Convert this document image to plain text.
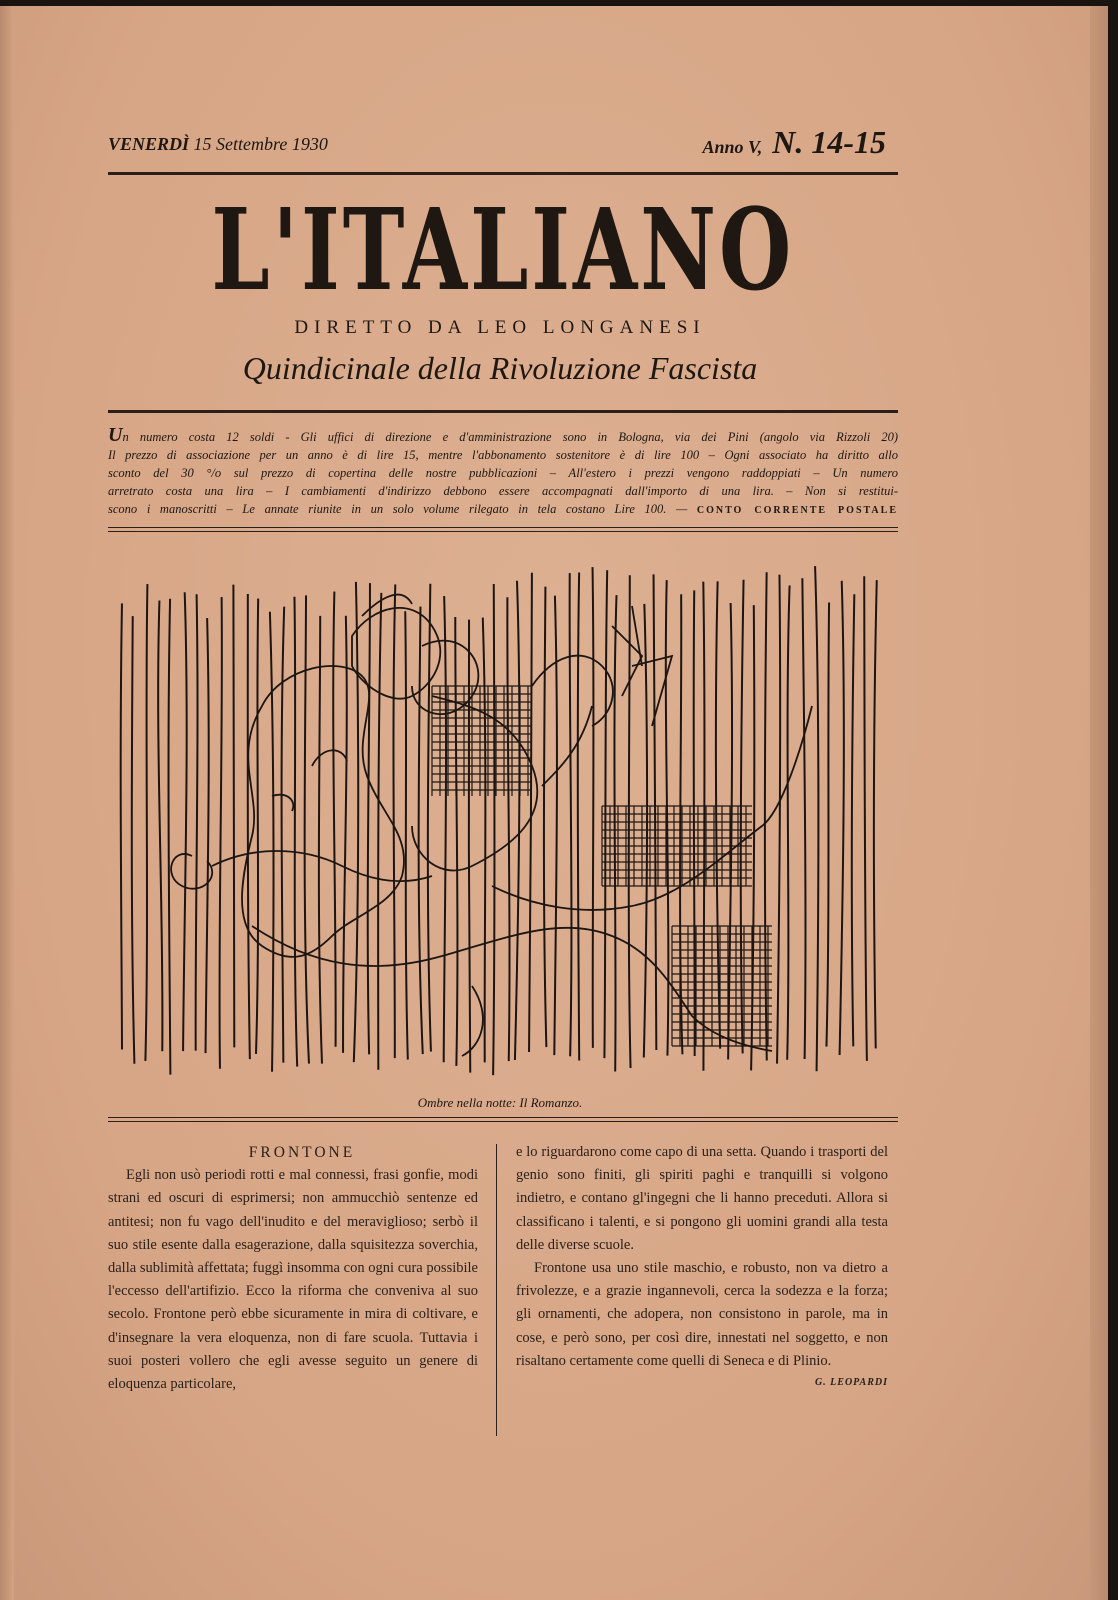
VENERDÌ 15 Settembre 1930	Anno V, N. 14-15
L'ITALIANO
DIRETTO DA LEO LONGANESI
Quindicinale della Rivoluzione Fascista
Un numero costa 12 soldi - Gli uffici di direzione e d'amministrazione sono in Bologna, via dei Pini (angolo via Rizzoli 20)
Il prezzo di associazione per un anno è di lire 15, mentre l'abbonamento sostenitore è di lire 100 – Ogni associato ha diritto allo
sconto del 30 °/o sul prezzo di copertina delle nostre pubblicazioni – All'estero i prezzi vengono raddoppiati – Un numero
arretrato costa una lira – I cambiamenti d'indirizzo debbono essere accompagnati dall'importo di una lira. – Non si restitui-
scono i manoscritti – Le annate riunite in un solo volume rilegato in tela costano Lire 100. — CONTO CORRENTE POSTALE
Ombre nella notte: Il Romanzo.

FRONTONE

Egli non usò periodi rotti e mal connessi, frasi gonfie, modi strani ed oscuri di esprimersi; non ammucchiò sentenze ed antitesi; non fu vago dell'inudito e del meraviglioso; serbò il suo stile esente dalla esagerazione, dalla squisitezza soverchia, dalla sublimità affettata; fuggì insomma con ogni cura possibile l'eccesso dell'artifizio. Ecco la riforma che conveniva al suo secolo. Frontone però ebbe sicuramente in mira di coltivare, e d'insegnare la vera eloquenza, non di fare scuola. Tuttavia i suoi posteri vollero che egli avesse seguito un genere di eloquenza particolare,

e lo riguardarono come capo di una setta. Quando i trasporti del genio sono finiti, gli spiriti paghi e tranquilli si volgono indietro, e contano gl'ingegni che li hanno preceduti. Allora si classificano i talenti, e si pongono gli uomini grandi alla testa delle diverse scuole.

Frontone usa uno stile maschio, e robusto, non va dietro a frivolezze, e a grazie ingannevoli, cerca la sodezza e la forza; gli ornamenti, che adopera, non consistono in parole, ma in cose, e però sono, per così dire, innestati nel soggetto, e non risaltano certamente come quelli di Seneca e di Plinio.

G. LEOPARDI
